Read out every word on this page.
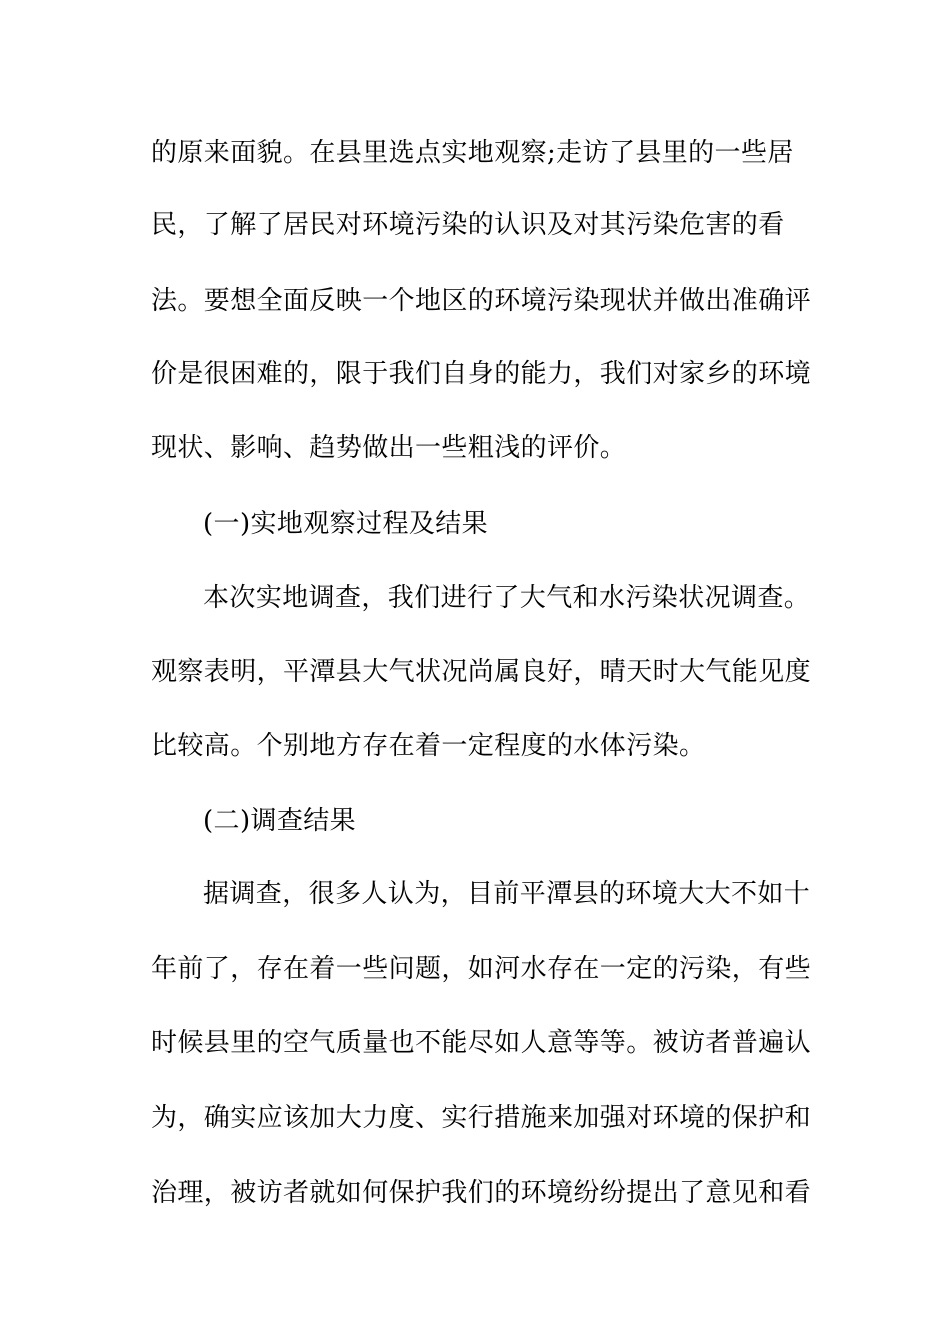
的原来面貌。在县里选点实地观察;走访了县里的一些居
民，了解了居民对环境污染的认识及对其污染危害的看
法。要想全面反映一个地区的环境污染现状并做出准确评
价是很困难的，限于我们自身的能力，我们对家乡的环境
现状、影响、趋势做出一些粗浅的评价。
(一)实地观察过程及结果
本次实地调查，我们进行了大气和水污染状况调查。
观察表明，平潭县大气状况尚属良好，晴天时大气能见度
比较高。个别地方存在着一定程度的水体污染。
(二)调查结果
据调查，很多人认为，目前平潭县的环境大大不如十
年前了，存在着一些问题，如河水存在一定的污染，有些
时候县里的空气质量也不能尽如人意等等。被访者普遍认
为，确实应该加大力度、实行措施来加强对环境的保护和
治理，被访者就如何保护我们的环境纷纷提出了意见和看
